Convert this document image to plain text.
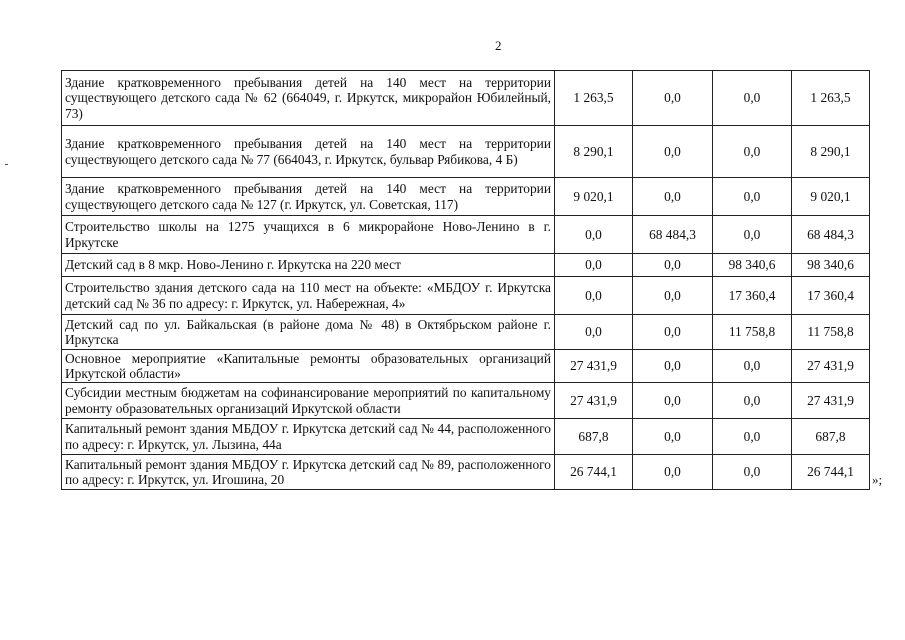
2
Здание кратковременного пребывания детей на 140 мест на территории существующего детского сада № 62 (664049, г. Иркутск, микрорайон Юбилейный, 73)	1 263,5	0,0	0,0	1 263,5
Здание кратковременного пребывания детей на 140 мест на территории существующего детского сада № 77 (664043, г. Иркутск, бульвар Рябикова, 4 Б)	8 290,1	0,0	0,0	8 290,1
Здание кратковременного пребывания детей на 140 мест на территории существующего детского сада № 127 (г. Иркутск, ул. Советская, 117)	9 020,1	0,0	0,0	9 020,1
Строительство школы на 1275 учащихся в 6 микрорайоне Ново-Ленино в г. Иркутске	0,0	68 484,3	0,0	68 484,3
Детский сад в 8 мкр. Ново-Ленино г. Иркутска на 220 мест	0,0	0,0	98 340,6	98 340,6
Строительство здания детского сада на 110 мест на объекте: «МБДОУ г. Иркутска детский сад № 36 по адресу: г. Иркутск, ул. Набережная, 4»	0,0	0,0	17 360,4	17 360,4
Детский сад по ул. Байкальская (в районе дома № 48) в Октябрьском районе г. Иркутска	0,0	0,0	11 758,8	11 758,8
Основное мероприятие «Капитальные ремонты образовательных организаций Иркутской области»	27 431,9	0,0	0,0	27 431,9
Субсидии местным бюджетам на софинансирование мероприятий по капитальному ремонту образовательных организаций Иркутской области	27 431,9	0,0	0,0	27 431,9
Капитальный ремонт здания МБДОУ г. Иркутска детский сад № 44, расположенного по адресу: г. Иркутск, ул. Лызина, 44а	687,8	0,0	0,0	687,8
Капитальный ремонт здания МБДОУ г. Иркутска детский сад № 89, расположенного по адресу: г. Иркутск, ул. Игошина, 20	26 744,1	0,0	0,0	26 744,1
»;
